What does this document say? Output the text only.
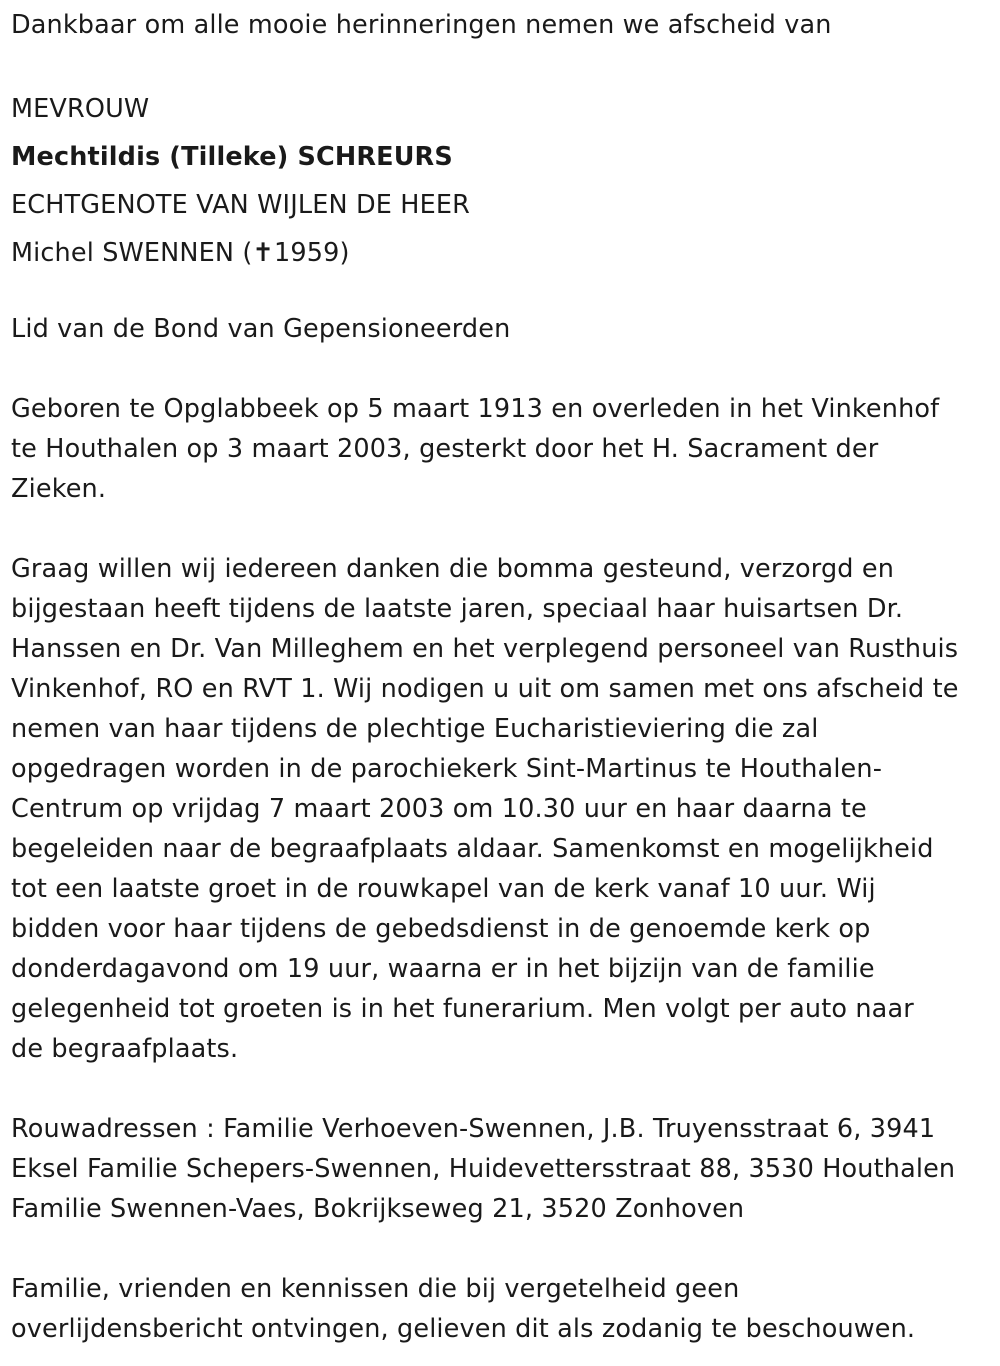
Dankbaar om alle mooie herinneringen nemen we afscheid van
MEVROUW
Mechtildis (Tilleke) SCHREURS
ECHTGENOTE VAN WIJLEN DE HEER
Michel SWENNEN (✝1959)
Lid van de Bond van Gepensioneerden
Geboren te Opglabbeek op 5 maart 1913 en overleden in het Vinkenhof
te Houthalen op 3 maart 2003, gesterkt door het H. Sacrament der
Zieken.
Graag willen wij iedereen danken die bomma gesteund, verzorgd en
bijgestaan heeft tijdens de laatste jaren, speciaal haar huisartsen Dr.
Hanssen en Dr. Van Milleghem en het verplegend personeel van Rusthuis
Vinkenhof, RO en RVT 1. Wij nodigen u uit om samen met ons afscheid te
nemen van haar tijdens de plechtige Eucharistieviering die zal
opgedragen worden in de parochiekerk Sint-Martinus te Houthalen-
Centrum op vrijdag 7 maart 2003 om 10.30 uur en haar daarna te
begeleiden naar de begraafplaats aldaar. Samenkomst en mogelijkheid
tot een laatste groet in de rouwkapel van de kerk vanaf 10 uur. Wij
bidden voor haar tijdens de gebedsdienst in de genoemde kerk op
donderdagavond om 19 uur, waarna er in het bijzijn van de familie
gelegenheid tot groeten is in het funerarium. Men volgt per auto naar
de begraafplaats.
Rouwadressen : Familie Verhoeven-Swennen, J.B. Truyensstraat 6, 3941
Eksel Familie Schepers-Swennen, Huidevettersstraat 88, 3530 Houthalen
Familie Swennen-Vaes, Bokrijkseweg 21, 3520 Zonhoven
Familie, vrienden en kennissen die bij vergetelheid geen
overlijdensbericht ontvingen, gelieven dit als zodanig te beschouwen.
